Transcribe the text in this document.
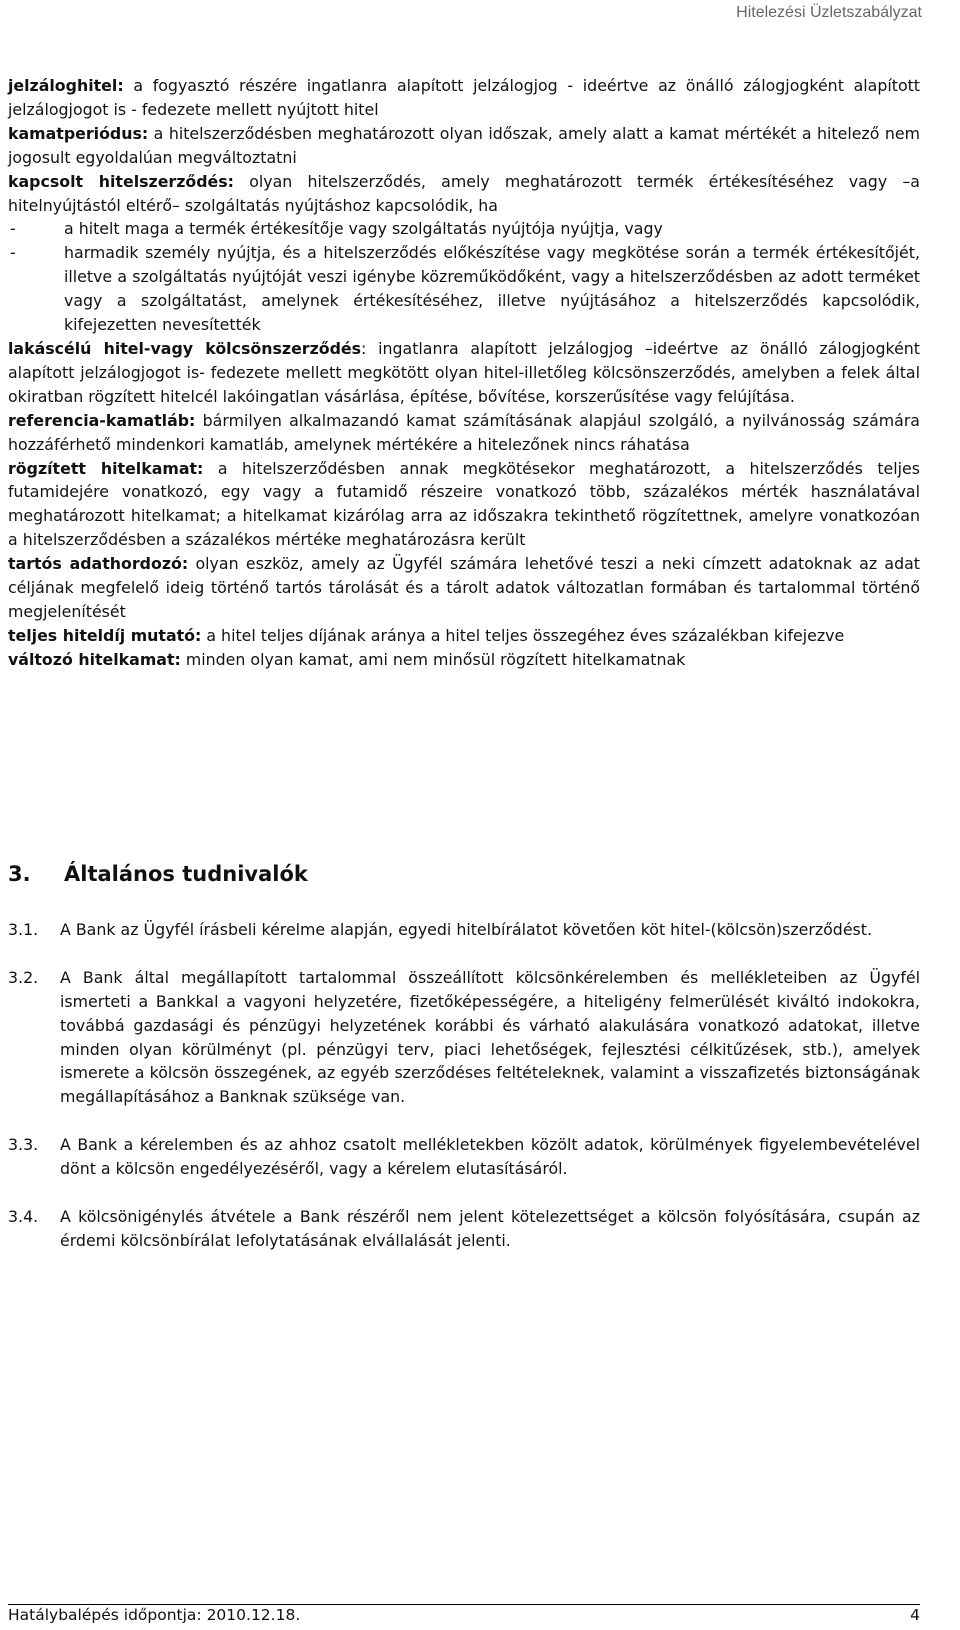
Hitelezési Üzletszabályzat

jelzáloghitel: a fogyasztó részére ingatlanra alapított jelzálogjog - ideértve az önálló zálogjogként alapított jelzálogjogot is - fedezete mellett nyújtott hitel

kamatperiódus: a hitelszerződésben meghatározott olyan időszak, amely alatt a kamat mértékét a hitelező nem jogosult egyoldalúan megváltoztatni

kapcsolt hitelszerződés: olyan hitelszerződés, amely meghatározott termék értékesítéséhez vagy –a hitelnyújtástól eltérő– szolgáltatás nyújtáshoz kapcsolódik, ha

-	a hitelt maga a termék értékesítője vagy szolgáltatás nyújtója nyújtja, vagy
-	harmadik személy nyújtja, és a hitelszerződés előkészítése vagy megkötése során a termék értékesítőjét, illetve a szolgáltatás nyújtóját veszi igénybe közreműködőként, vagy a hitelszerződésben az adott terméket vagy a szolgáltatást, amelynek értékesítéséhez, illetve nyújtásához a hitelszerződés kapcsolódik, kifejezetten nevesítették

lakáscélú hitel-vagy kölcsönszerződés: ingatlanra alapított jelzálogjog –ideértve az önálló zálogjogként alapított jelzálogjogot is- fedezete mellett megkötött olyan hitel-illetőleg kölcsönszerződés, amelyben a felek által okiratban rögzített hitelcél lakóingatlan vásárlása, építése, bővítése, korszerűsítése vagy felújítása.

referencia-kamatláb: bármilyen alkalmazandó kamat számításának alapjául szolgáló, a nyilvánosság számára hozzáférhető mindenkori kamatláb, amelynek mértékére a hitelezőnek nincs ráhatása

rögzített hitelkamat: a hitelszerződésben annak megkötésekor meghatározott, a hitelszerződés teljes futamidejére vonatkozó, egy vagy a futamidő részeire vonatkozó több, százalékos mérték használatával meghatározott hitelkamat; a hitelkamat kizárólag arra az időszakra tekinthető rögzítettnek, amelyre vonatkozóan a hitelszerződésben a százalékos mértéke meghatározásra került

tartós adathordozó: olyan eszköz, amely az Ügyfél számára lehetővé teszi a neki címzett adatoknak az adat céljának megfelelő ideig történő tartós tárolását és a tárolt adatok változatlan formában és tartalommal történő megjelenítését

teljes hiteldíj mutató: a hitel teljes díjának aránya a hitel teljes összegéhez éves százalékban kifejezve

változó hitelkamat: minden olyan kamat, ami nem minősül rögzített hitelkamatnak

3.	Általános tudnivalók
3.1.	A Bank az Ügyfél írásbeli kérelme alapján, egyedi hitelbírálatot követően köt hitel-(kölcsön)szerződést.
3.2.	A Bank által megállapított tartalommal összeállított kölcsönkérelemben és mellékleteiben az Ügyfél ismerteti a Bankkal a vagyoni helyzetére, fizetőképességére, a hiteligény felmerülését kiváltó indokokra, továbbá gazdasági és pénzügyi helyzetének korábbi és várható alakulására vonatkozó adatokat, illetve minden olyan körülményt (pl. pénzügyi terv, piaci lehetőségek, fejlesztési célkitűzések, stb.), amelyek ismerete a kölcsön összegének, az egyéb szerződéses feltételeknek, valamint a visszafizetés biztonságának megállapításához a Banknak szüksége van.
3.3.	A Bank a kérelemben és az ahhoz csatolt mellékletekben közölt adatok, körülmények figyelembevételével dönt a kölcsön engedélyezéséről, vagy a kérelem elutasításáról.
3.4.	A kölcsönigénylés átvétele a Bank részéről nem jelent kötelezettséget a kölcsön folyósítására, csupán az érdemi kölcsönbírálat lefolytatásának elvállalását jelenti.
Hatálybalépés időpontja: 2010.12.18.	4
